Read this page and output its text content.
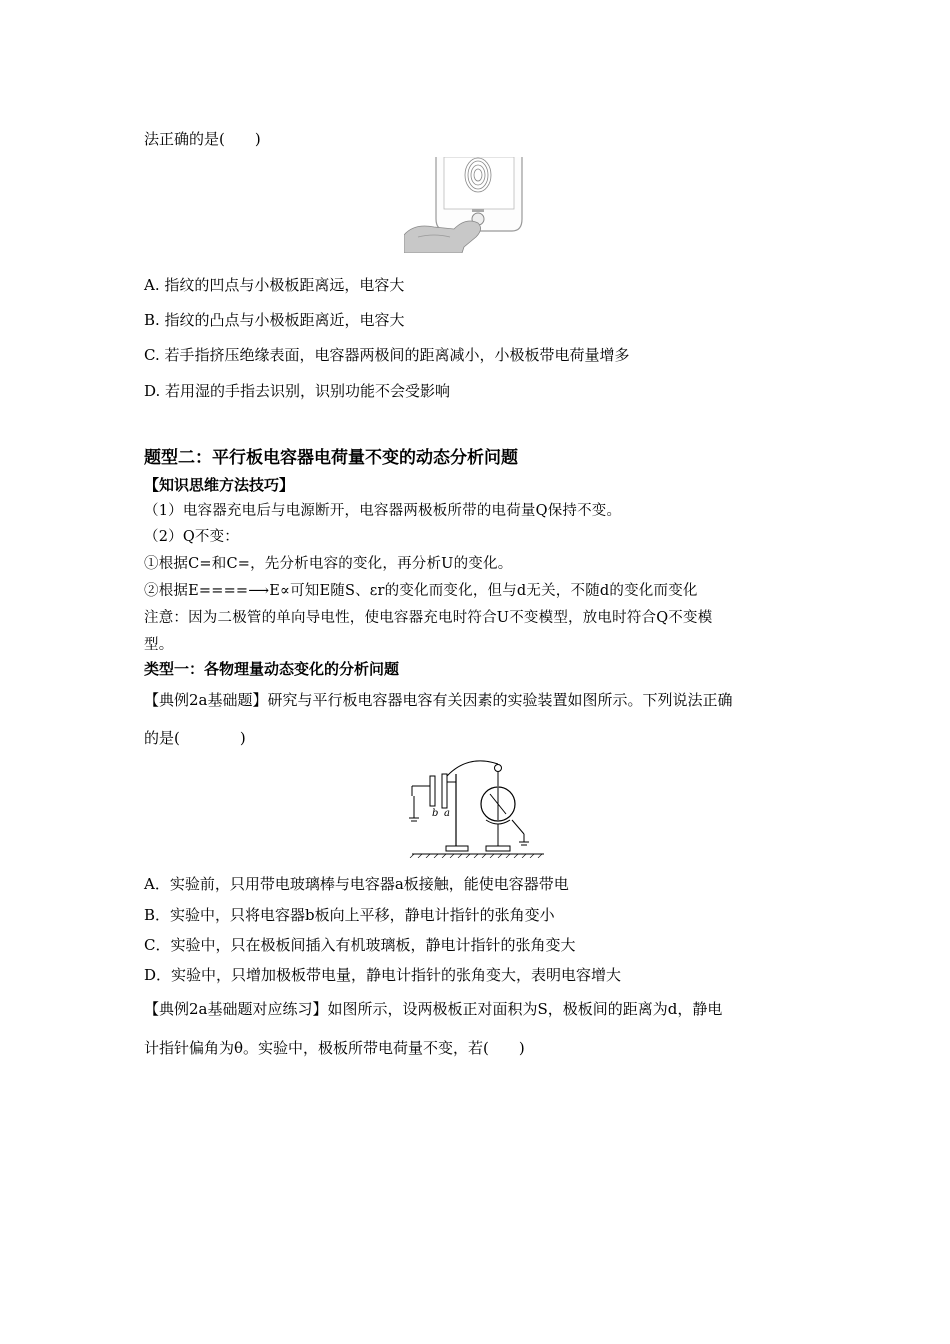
法正确的是(　　)
A. 指纹的凹点与小极板距离远，电容大
B. 指纹的凸点与小极板距离近，电容大
C. 若手指挤压绝缘表面，电容器两极间的距离减小，小极板带电荷量增多
D. 若用湿的手指去识别，识别功能不会受影响
题型二：平行板电容器电荷量不变的动态分析问题
【知识思维方法技巧】
（1）电容器充电后与电源断开，电容器两极板所带的电荷量Q保持不变。
（2）Q不变：
①根据C=和C=，先分析电容的变化，再分析U的变化。
②根据E====⟶E∝可知E随S、εr的变化而变化，但与d无关，不随d的变化而变化
注意：因为二极管的单向导电性，使电容器充电时符合U不变模型，放电时符合Q不变模
型。
类型一：各物理量动态变化的分析问题
【典例2a基础题】研究与平行板电容器电容有关因素的实验装置如图所示。下列说法正确
的是(　　　　)
b a
A．实验前，只用带电玻璃棒与电容器a板接触，能使电容器带电
B．实验中，只将电容器b板向上平移，静电计指针的张角变小
C．实验中，只在极板间插入有机玻璃板，静电计指针的张角变大
D．实验中，只增加极板带电量，静电计指针的张角变大，表明电容增大
【典例2a基础题对应练习】如图所示，设两极板正对面积为S，极板间的距离为d，静电
计指针偏角为θ。实验中，极板所带电荷量不变，若(　　)
